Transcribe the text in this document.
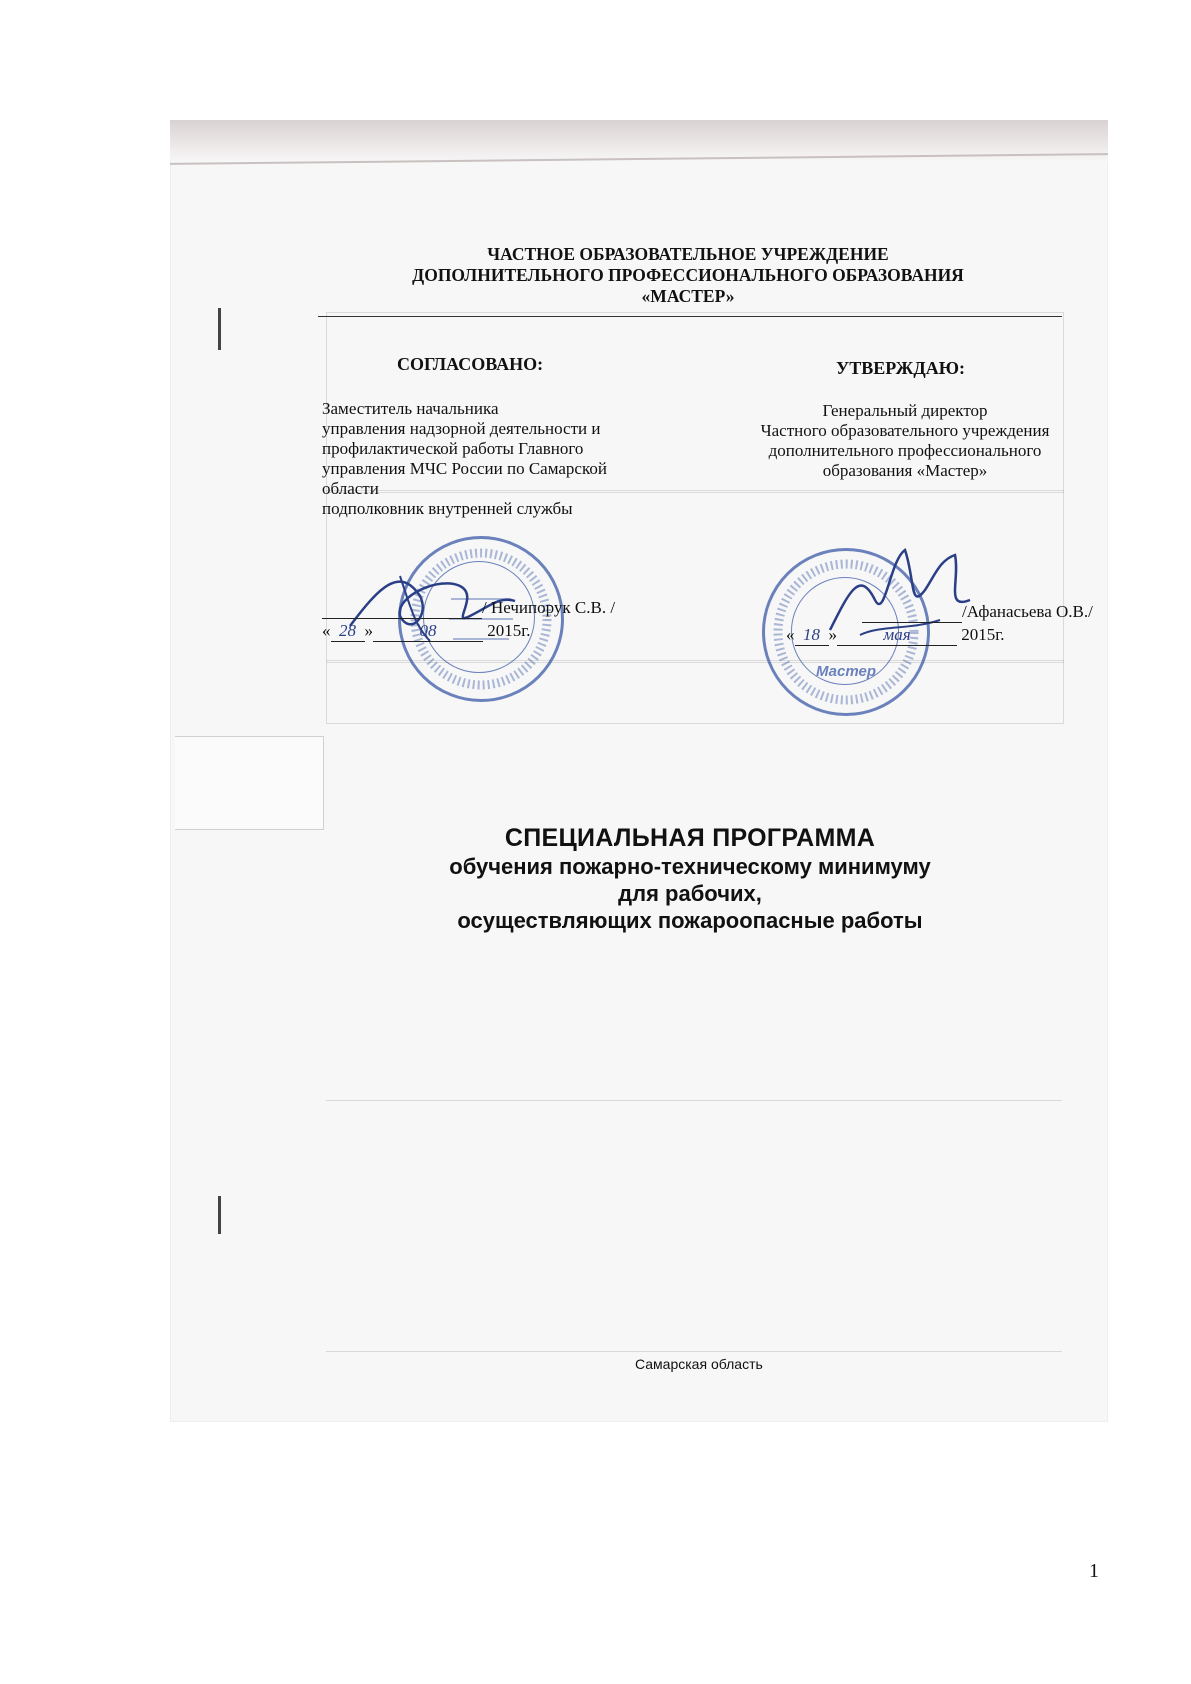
ЧАСТНОЕ ОБРАЗОВАТЕЛЬНОЕ УЧРЕЖДЕНИЕ
ДОПОЛНИТЕЛЬНОГО ПРОФЕССИОНАЛЬНОГО ОБРАЗОВАНИЯ
«МАСТЕР»
СОГЛАСОВАНО:	УТВЕРЖДАЮ:
Заместитель начальника
управления надзорной деятельности и
профилактической работы Главного
управления МЧС России по Самарской
области
подполковник внутренней службы
Генеральный директор
Частного образовательного учреждения
дополнительного профессионального
образования «Мастер»
/ Нечипорук С.В. /
« 28 »	08	2015г.
Мастер
/Афанасьева О.В./
« 18 »	мая	2015г.
СПЕЦИАЛЬНАЯ ПРОГРАММА
обучения пожарно-техническому минимуму
для рабочих,
осуществляющих пожароопасные работы
Самарская область
1
